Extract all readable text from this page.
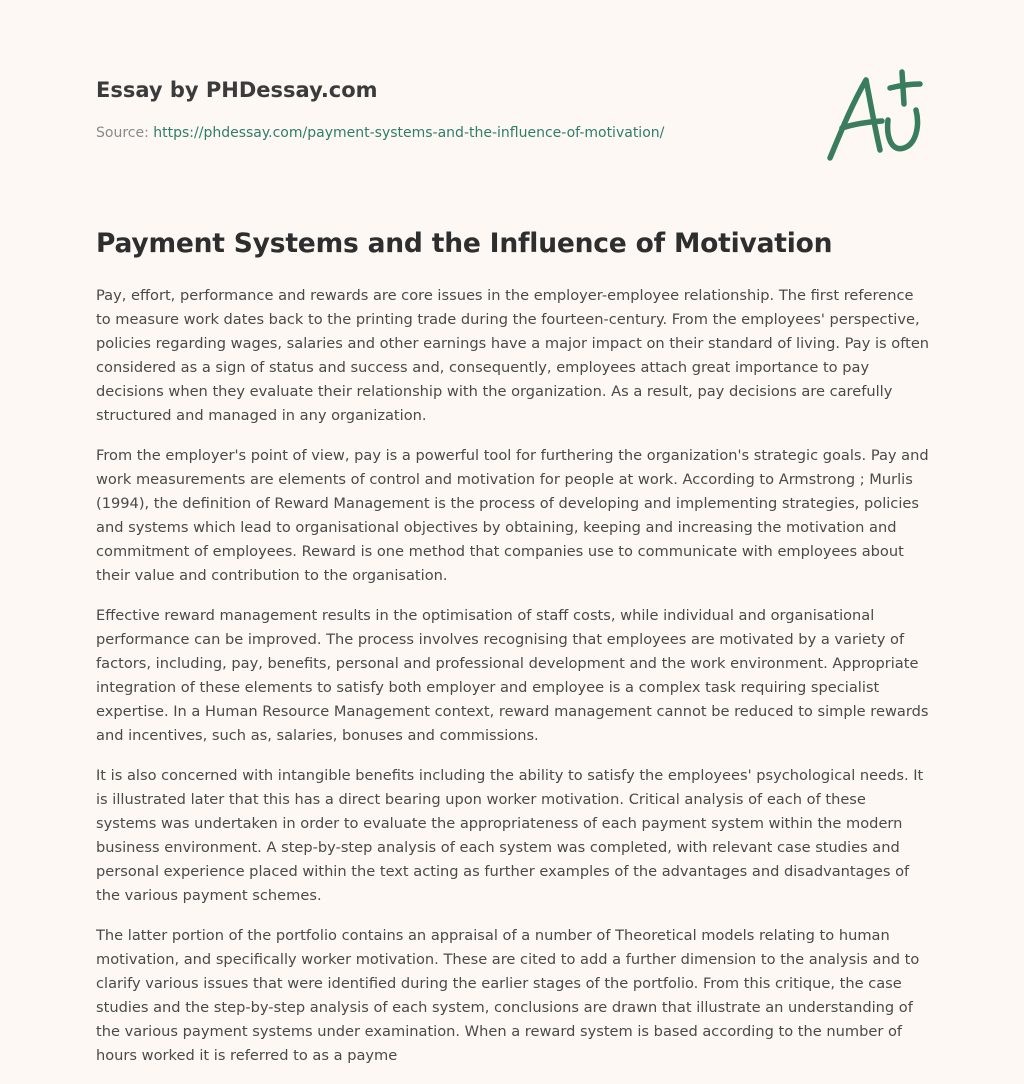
Essay by PHDessay.com
Source: https://phdessay.com/payment-systems-and-the-influence-of-motivation/
Payment Systems and the Influence of Motivation

Pay, effort, performance and rewards are core issues in the employer-employee relationship. The first reference to measure work dates back to the printing trade during the fourteen-century. From the employees' perspective, policies regarding wages, salaries and other earnings have a major impact on their standard of living. Pay is often considered as a sign of status and success and, consequently, employees attach great importance to pay decisions when they evaluate their relationship with the organization. As a result, pay decisions are carefully structured and managed in any organization.

From the employer's point of view, pay is a powerful tool for furthering the organization's strategic goals. Pay and work measurements are elements of control and motivation for people at work. According to Armstrong ; Murlis (1994), the definition of Reward Management is the process of developing and implementing strategies, policies and systems which lead to organisational objectives by obtaining, keeping and increasing the motivation and commitment of employees. Reward is one method that companies use to communicate with employees about their value and contribution to the organisation.

Effective reward management results in the optimisation of staff costs, while individual and organisational performance can be improved. The process involves recognising that employees are motivated by a variety of factors, including, pay, benefits, personal and professional development and the work environment. Appropriate integration of these elements to satisfy both employer and employee is a complex task requiring specialist expertise. In a Human Resource Management context, reward management cannot be reduced to simple rewards and incentives, such as, salaries, bonuses and commissions.

It is also concerned with intangible benefits including the ability to satisfy the employees' psychological needs. It is illustrated later that this has a direct bearing upon worker motivation. Critical analysis of each of these systems was undertaken in order to evaluate the appropriateness of each payment system within the modern business environment. A step-by-step analysis of each system was completed, with relevant case studies and personal experience placed within the text acting as further examples of the advantages and disadvantages of the various payment schemes.

The latter portion of the portfolio contains an appraisal of a number of Theoretical models relating to human motivation, and specifically worker motivation. These are cited to add a further dimension to the analysis and to clarify various issues that were identified during the earlier stages of the portfolio. From this critique, the case studies and the step-by-step analysis of each system, conclusions are drawn that illustrate an understanding of the various payment systems under examination. When a reward system is based according to the number of hours worked it is referred to as a payme
